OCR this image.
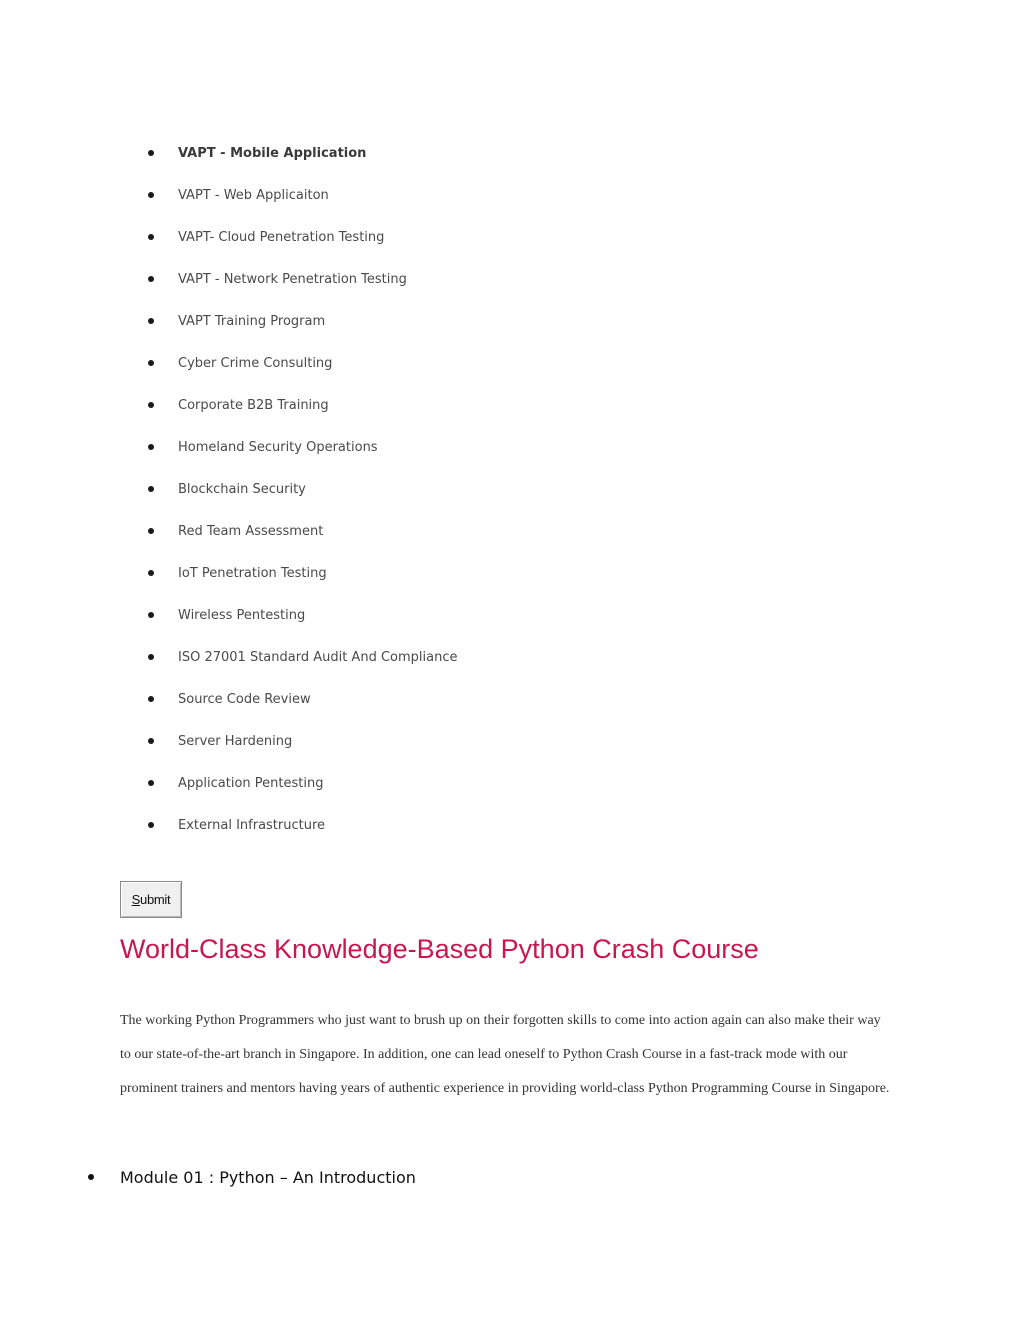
VAPT - Mobile Application
VAPT - Web Applicaiton
VAPT- Cloud Penetration Testing
VAPT - Network Penetration Testing
VAPT Training Program
Cyber Crime Consulting
Corporate B2B Training
Homeland Security Operations
Blockchain Security
Red Team Assessment
IoT Penetration Testing
Wireless Pentesting
ISO 27001 Standard Audit And Compliance
Source Code Review
Server Hardening
Application Pentesting
External Infrastructure
Submit
World-Class Knowledge-Based Python Crash Course

The working Python Programmers who just want to brush up on their forgotten skills to come into action again can also make their way to our state-of-the-art branch in Singapore. In addition, one can lead oneself to Python Crash Course in a fast-track mode with our prominent trainers and mentors having years of authentic experience in providing world-class Python Programming Course in Singapore.

Module 01 : Python – An Introduction
